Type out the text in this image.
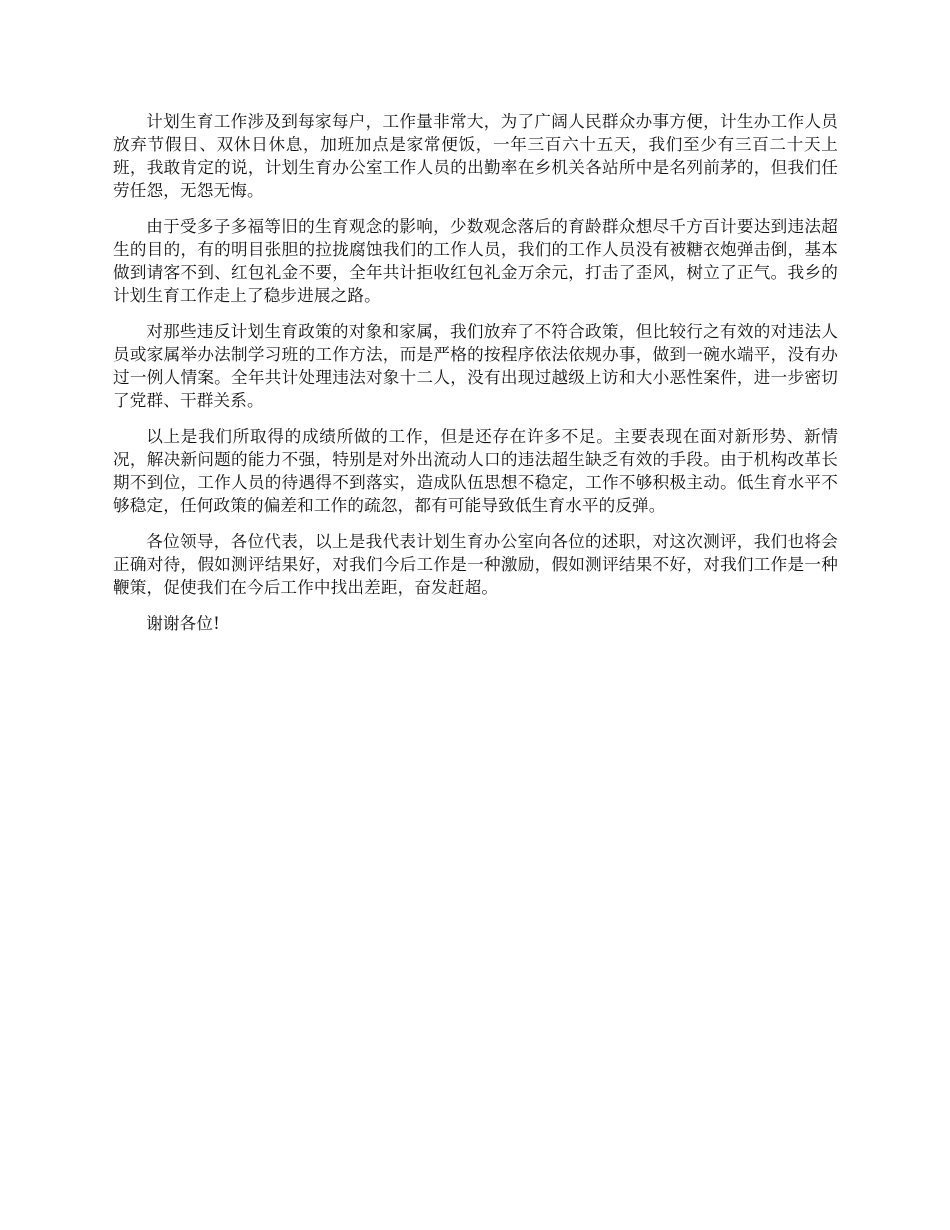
计划生育工作涉及到每家每户，工作量非常大，为了广阔人民群众办事方便，计生办工作人员放弃节假日、双休日休息，加班加点是家常便饭，一年三百六十五天，我们至少有三百二十天上班，我敢肯定的说，计划生育办公室工作人员的出勤率在乡机关各站所中是名列前茅的，但我们任劳任怨，无怨无悔。

由于受多子多福等旧的生育观念的影响，少数观念落后的育龄群众想尽千方百计要达到违法超生的目的，有的明目张胆的拉拢腐蚀我们的工作人员，我们的工作人员没有被糖衣炮弹击倒，基本做到请客不到、红包礼金不要，全年共计拒收红包礼金万余元，打击了歪风，树立了正气。我乡的计划生育工作走上了稳步进展之路。

对那些违反计划生育政策的对象和家属，我们放弃了不符合政策，但比较行之有效的对违法人员或家属举办法制学习班的工作方法，而是严格的按程序依法依规办事，做到一碗水端平，没有办过一例人情案。全年共计处理违法对象十二人，没有出现过越级上访和大小恶性案件，进一步密切了党群、干群关系。

以上是我们所取得的成绩所做的工作，但是还存在许多不足。主要表现在面对新形势、新情况，解决新问题的能力不强，特别是对外出流动人口的违法超生缺乏有效的手段。由于机构改革长期不到位，工作人员的待遇得不到落实，造成队伍思想不稳定，工作不够积极主动。低生育水平不够稳定，任何政策的偏差和工作的疏忽，都有可能导致低生育水平的反弹。

各位领导，各位代表，以上是我代表计划生育办公室向各位的述职，对这次测评，我们也将会正确对待，假如测评结果好，对我们今后工作是一种激励，假如测评结果不好，对我们工作是一种鞭策，促使我们在今后工作中找出差距，奋发赶超。

谢谢各位!
